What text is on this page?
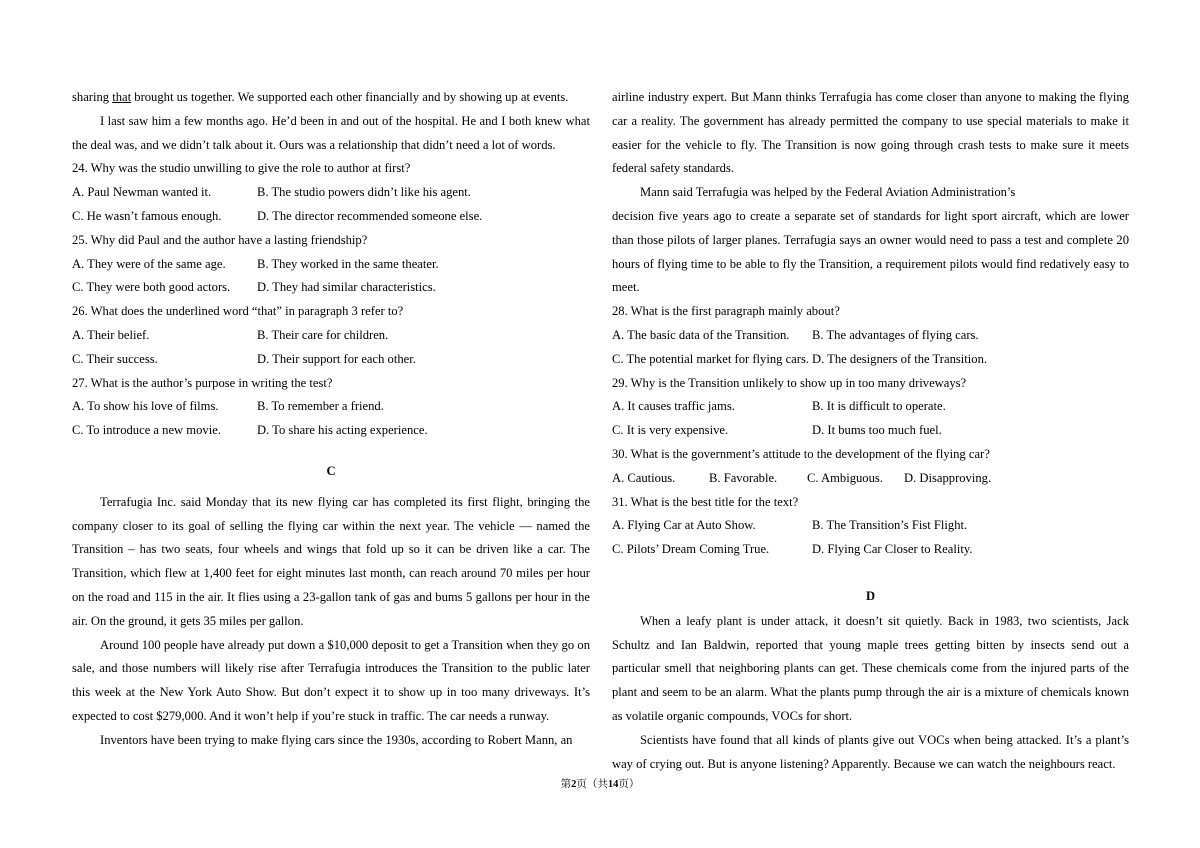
sharing that brought us together. We supported each other financially and by showing up at events.

I last saw him a few months ago. He’d been in and out of the hospital. He and I both knew what the deal was, and we didn’t talk about it. Ours was a relationship that didn’t need a lot of words.

24. Why was the studio unwilling to give the role to author at first?

A. Paul Newman wanted it.	B. The studio powers didn’t like his agent.
C. He wasn’t famous enough.	D. The director recommended someone else.

25. Why did Paul and the author have a lasting friendship?

A. They were of the same age.	B. They worked in the same theater.
C. They were both good actors.	D. They had similar characteristics.

26. What does the underlined word “that” in paragraph 3 refer to?

A. Their belief.	B. Their care for children.
C. Their success.	D. Their support for each other.

27. What is the author’s purpose in writing the test?

A. To show his love of films.	B. To remember a friend.
C. To introduce a new movie.	D. To share his acting experience.
C

Terrafugia Inc. said Monday that its new flying car has completed its first flight, bringing the company closer to its goal of selling the flying car within the next year. The vehicle — named the Transition – has two seats, four wheels and wings that fold up so it can be driven like a car. The Transition, which flew at 1,400 feet for eight minutes last month, can reach around 70 miles per hour on the road and 115 in the air. It flies using a 23-gallon tank of gas and bums 5 gallons per hour in the air. On the ground, it gets 35 miles per gallon.

Around 100 people have already put down a $10,000 deposit to get a Transition when they go on sale, and those numbers will likely rise after Terrafugia introduces the Transition to the public later this week at the New York Auto Show. But don’t expect it to show up in too many driveways. It’s expected to cost $279,000. And it won’t help if you’re stuck in traffic. The car needs a runway.

Inventors have been trying to make flying cars since the 1930s, according to Robert Mann, an

airline industry expert. But Mann thinks Terrafugia has come closer than anyone to making the flying car a reality. The government has already permitted the company to use special materials to make it easier for the vehicle to fly. The Transition is now going through crash tests to make sure it meets federal safety standards.

Mann said Terrafugia was helped by the Federal Aviation Administration’s

decision five years ago to create a separate set of standards for light sport aircraft, which are lower than those pilots of larger planes. Terrafugia says an owner would need to pass a test and complete 20 hours of flying time to be able to fly the Transition, a requirement pilots would find redatively easy to meet.

28. What is the first paragraph mainly about?

A. The basic data of the Transition.	B. The advantages of flying cars.
C. The potential market for flying cars. D. The designers of the Transition.

29. Why is the Transition unlikely to show up in too many driveways?

A. It causes traffic jams.	B. It is difficult to operate.
C. It is very expensive.	D. It bums too much fuel.

30. What is the government’s attitude to the development of the flying car?

A. Cautious.	B. Favorable.	C. Ambiguous.	D. Disapproving.

31. What is the best title for the text?

A. Flying Car at Auto Show.	B. The Transition’s Fist Flight.
C. Pilots’ Dream Coming True.	D. Flying Car Closer to Reality.
D

When a leafy plant is under attack, it doesn’t sit quietly. Back in 1983, two scientists, Jack Schultz and Ian Baldwin, reported that young maple trees getting bitten by insects send out a particular smell that neighboring plants can get. These chemicals come from the injured parts of the plant and seem to be an alarm. What the plants pump through the air is a mixture of chemicals known as volatile organic compounds, VOCs for short.

Scientists have found that all kinds of plants give out VOCs when being attacked. It’s a plant’s way of crying out. But is anyone listening? Apparently. Because we can watch the neighbours react.

第2页（共14页）
